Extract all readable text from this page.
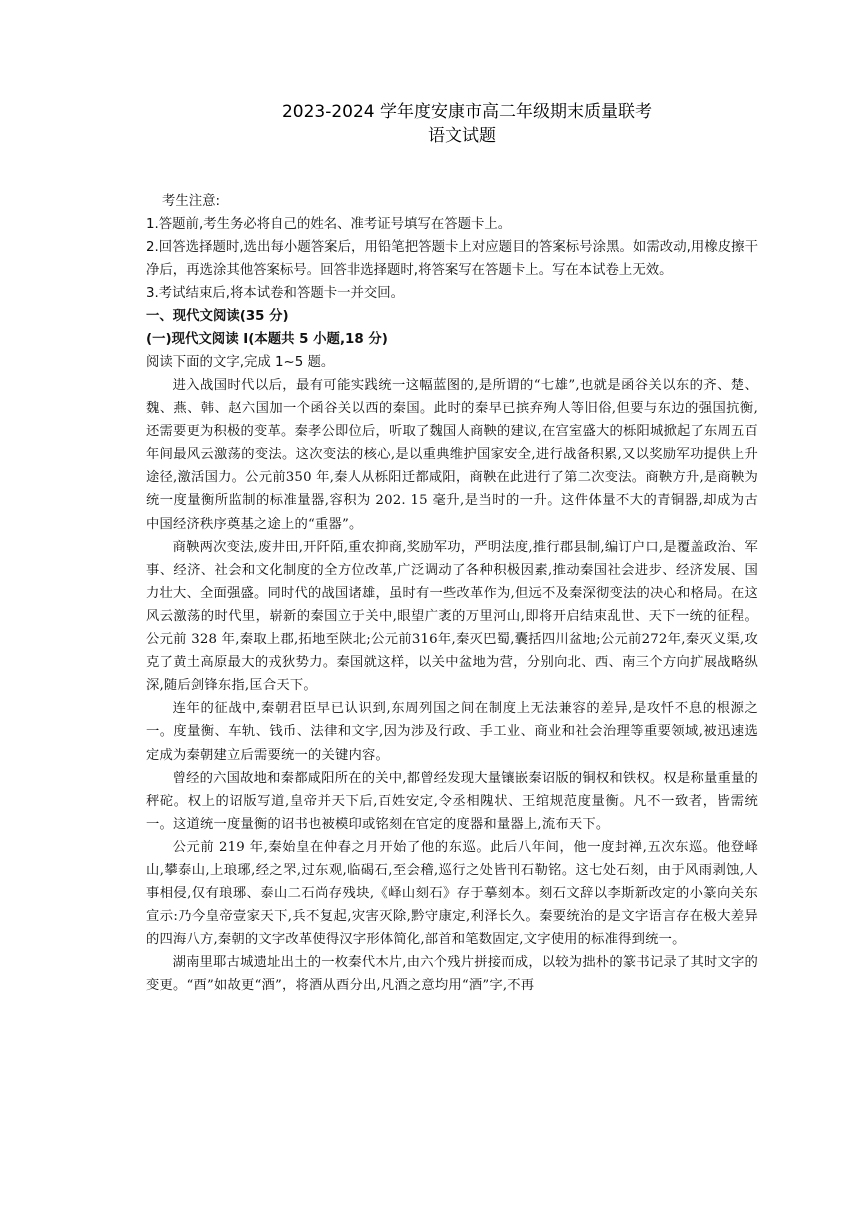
2023-2024 学年度安康市高二年级期末质量联考
语文试题
考生注意:

1.答题前,考生务必将自己的姓名、准考证号填写在答题卡上。

2.回答选择题时,选出每小题答案后，用铅笔把答题卡上对应题目的答案标号涂黑。如需改动,用橡皮擦干净后，再选涂其他答案标号。回答非选择题时,将答案写在答题卡上。写在本试卷上无效。

3.考试结束后,将本试卷和答题卡一并交回。

一、现代文阅读(35 分)
(一)现代文阅读 I(本题共 5 小题,18 分)
阅读下面的文字,完成 1~5 题。

进入战国时代以后，最有可能实践统一这幅蓝图的,是所谓的“七雄”,也就是函谷关以东的齐、楚、魏、燕、韩、赵六国加一个函谷关以西的秦国。此时的秦早已摈弃殉人等旧俗,但要与东边的强国抗衡,还需要更为积极的变革。秦孝公即位后，听取了魏国人商鞅的建议,在宫室盛大的栎阳城掀起了东周五百年间最风云激荡的变法。这次变法的核心,是以重典维护国家安全,进行战备积累,又以奖励军功提供上升途径,激活国力。公元前350 年,秦人从栎阳迁都咸阳，商鞅在此进行了第二次变法。商鞅方升,是商鞅为统一度量衡所监制的标准量器,容积为 202. 15 毫升,是当时的一升。这件体量不大的青铜器,却成为古中国经济秩序奠基之途上的“重器”。

商鞅两次变法,废井田,开阡陌,重农抑商,奖励军功，严明法度,推行郡县制,编订户口,是覆盖政治、军事、经济、社会和文化制度的全方位改革,广泛调动了各种积极因素,推动秦国社会进步、经济发展、国力壮大、全面强盛。同时代的战国诸雄，虽时有一些改革作为,但远不及秦深彻变法的决心和格局。在这风云激荡的时代里，崭新的秦国立于关中,眼望广袤的万里河山,即将开启结束乱世、天下一统的征程。公元前 328 年,秦取上郡,拓地至陕北;公元前316年,秦灭巴蜀,囊括四川盆地;公元前272年,秦灭义渠,攻克了黄土高原最大的戎狄势力。秦国就这样，以关中盆地为营，分别向北、西、南三个方向扩展战略纵深,随后剑锋东指,匡合天下。

连年的征战中,秦朝君臣早已认识到,东周列国之间在制度上无法兼容的差异,是攻忏不息的根源之一。度量衡、车轨、钱币、法律和文字,因为涉及行政、手工业、商业和社会治理等重要领域,被迅速选定成为秦朝建立后需要统一的关键内容。

曾经的六国故地和秦都咸阳所在的关中,都曾经发现大量镶嵌秦诏版的铜权和铁权。权是称量重量的秤砣。权上的诏版写道,皇帝并天下后,百姓安定,令丞相隗状、王绾规范度量衡。凡不一致者，皆需统一。这道统一度量衡的诏书也被模印或铭刻在官定的度器和量器上,流布天下。

公元前 219 年,秦始皇在仲春之月开始了他的东巡。此后八年间，他一度封禅,五次东巡。他登峄山,攀泰山,上琅琊,经之罘,过东观,临碣石,至会稽,巡行之处皆刊石勒铭。这七处石刻，由于风雨剥蚀,人事相侵,仅有琅琊、泰山二石尚存残块,《峄山刻石》存于摹刻本。刻石文辞以李斯新改定的小篆向关东宣示:乃今皇帝壹家天下,兵不复起,灾害灭除,黔守康定,利泽长久。秦要统治的是文字语言存在极大差异的四海八方,秦朝的文字改革使得汉字形体简化,部首和笔数固定,文字使用的标准得到统一。

湖南里耶古城遗址出土的一枚秦代木片,由六个残片拼接而成，以较为拙朴的篆书记录了其时文字的变更。“酉”如故更“酒”，将酒从酉分出,凡酒之意均用“酒”字,不再
